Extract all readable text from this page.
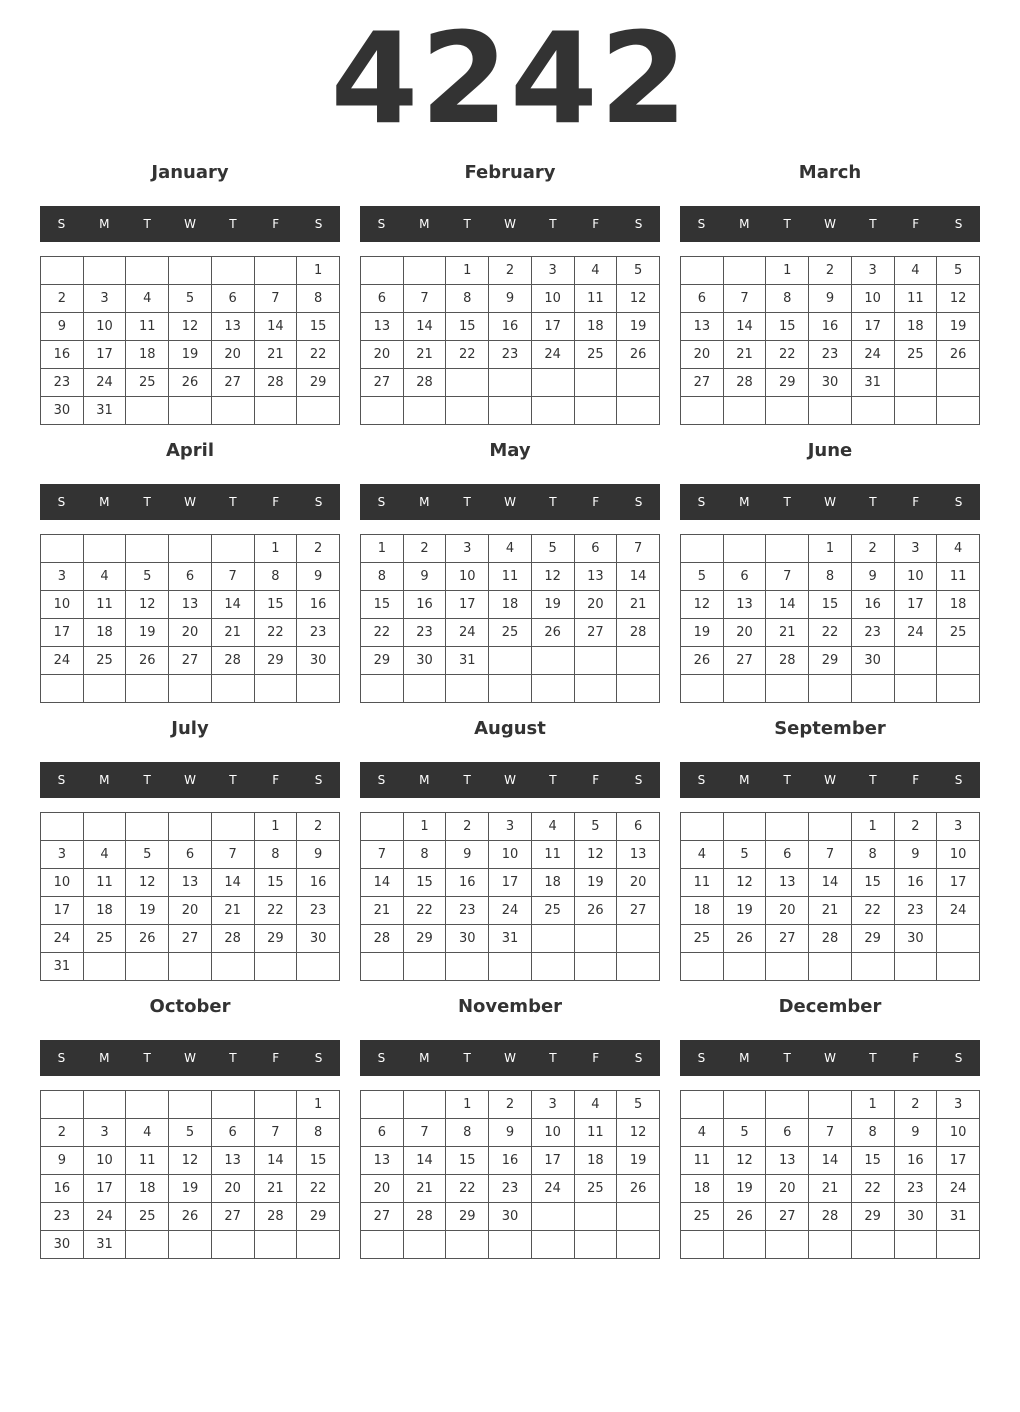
4242
January
S	M	T	W	T	F	S
						1
2	3	4	5	6	7	8
9	10	11	12	13	14	15
16	17	18	19	20	21	22
23	24	25	26	27	28	29
30	31					
February
S	M	T	W	T	F	S
		1	2	3	4	5
6	7	8	9	10	11	12
13	14	15	16	17	18	19
20	21	22	23	24	25	26
27	28					

March
S	M	T	W	T	F	S
		1	2	3	4	5
6	7	8	9	10	11	12
13	14	15	16	17	18	19
20	21	22	23	24	25	26
27	28	29	30	31		

April
S	M	T	W	T	F	S
					1	2
3	4	5	6	7	8	9
10	11	12	13	14	15	16
17	18	19	20	21	22	23
24	25	26	27	28	29	30

May
S	M	T	W	T	F	S
1	2	3	4	5	6	7
8	9	10	11	12	13	14
15	16	17	18	19	20	21
22	23	24	25	26	27	28
29	30	31				

June
S	M	T	W	T	F	S
			1	2	3	4
5	6	7	8	9	10	11
12	13	14	15	16	17	18
19	20	21	22	23	24	25
26	27	28	29	30		

July
S	M	T	W	T	F	S
					1	2
3	4	5	6	7	8	9
10	11	12	13	14	15	16
17	18	19	20	21	22	23
24	25	26	27	28	29	30
31						
August
S	M	T	W	T	F	S
	1	2	3	4	5	6
7	8	9	10	11	12	13
14	15	16	17	18	19	20
21	22	23	24	25	26	27
28	29	30	31			

September
S	M	T	W	T	F	S
				1	2	3
4	5	6	7	8	9	10
11	12	13	14	15	16	17
18	19	20	21	22	23	24
25	26	27	28	29	30	

October
S	M	T	W	T	F	S
						1
2	3	4	5	6	7	8
9	10	11	12	13	14	15
16	17	18	19	20	21	22
23	24	25	26	27	28	29
30	31					
November
S	M	T	W	T	F	S
		1	2	3	4	5
6	7	8	9	10	11	12
13	14	15	16	17	18	19
20	21	22	23	24	25	26
27	28	29	30			

December
S	M	T	W	T	F	S
				1	2	3
4	5	6	7	8	9	10
11	12	13	14	15	16	17
18	19	20	21	22	23	24
25	26	27	28	29	30	31
